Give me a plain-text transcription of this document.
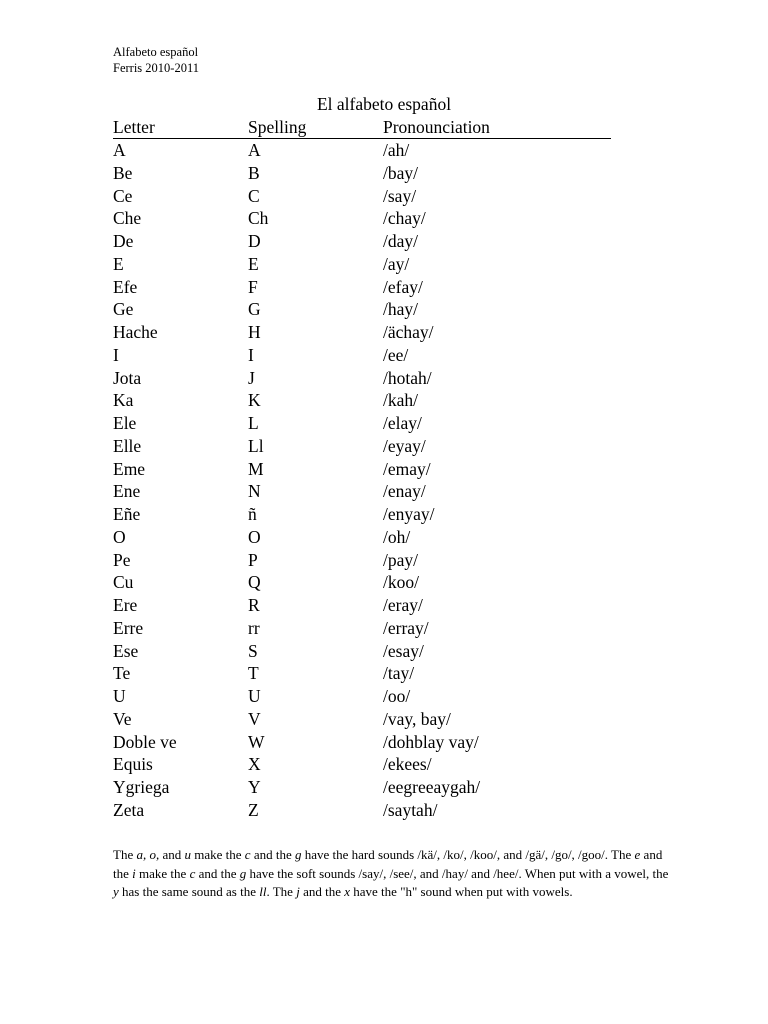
Alfabeto español
Ferris 2010-2011
El alfabeto español
Letter	Spelling	Pronounciation
A	A	/ah/
Be	B	/bay/
Ce	C	/say/
Che	Ch	/chay/
De	D	/day/
E	E	/ay/
Efe	F	/efay/
Ge	G	/hay/
Hache	H	/ächay/
I	I	/ee/
Jota	J	/hotah/
Ka	K	/kah/
Ele	L	/elay/
Elle	Ll	/eyay/
Eme	M	/emay/
Ene	N	/enay/
Eñe	ñ	/enyay/
O	O	/oh/
Pe	P	/pay/
Cu	Q	/koo/
Ere	R	/eray/
Erre	rr	/erray/
Ese	S	/esay/
Te	T	/tay/
U	U	/oo/
Ve	V	/vay, bay/
Doble ve	W	/dohblay vay/
Equis	X	/ekees/
Ygriega	Y	/eegreeaygah/
Zeta	Z	/saytah/

The a, o, and u make the c and the g have the hard sounds /kä/, /ko/, /koo/, and /gä/, /go/, /goo/. The e and the i make the c and the g have the soft sounds /say/, /see/, and /hay/ and /hee/. When put with a vowel, the y has the same sound as the ll. The j and the x have the "h" sound when put with vowels.
